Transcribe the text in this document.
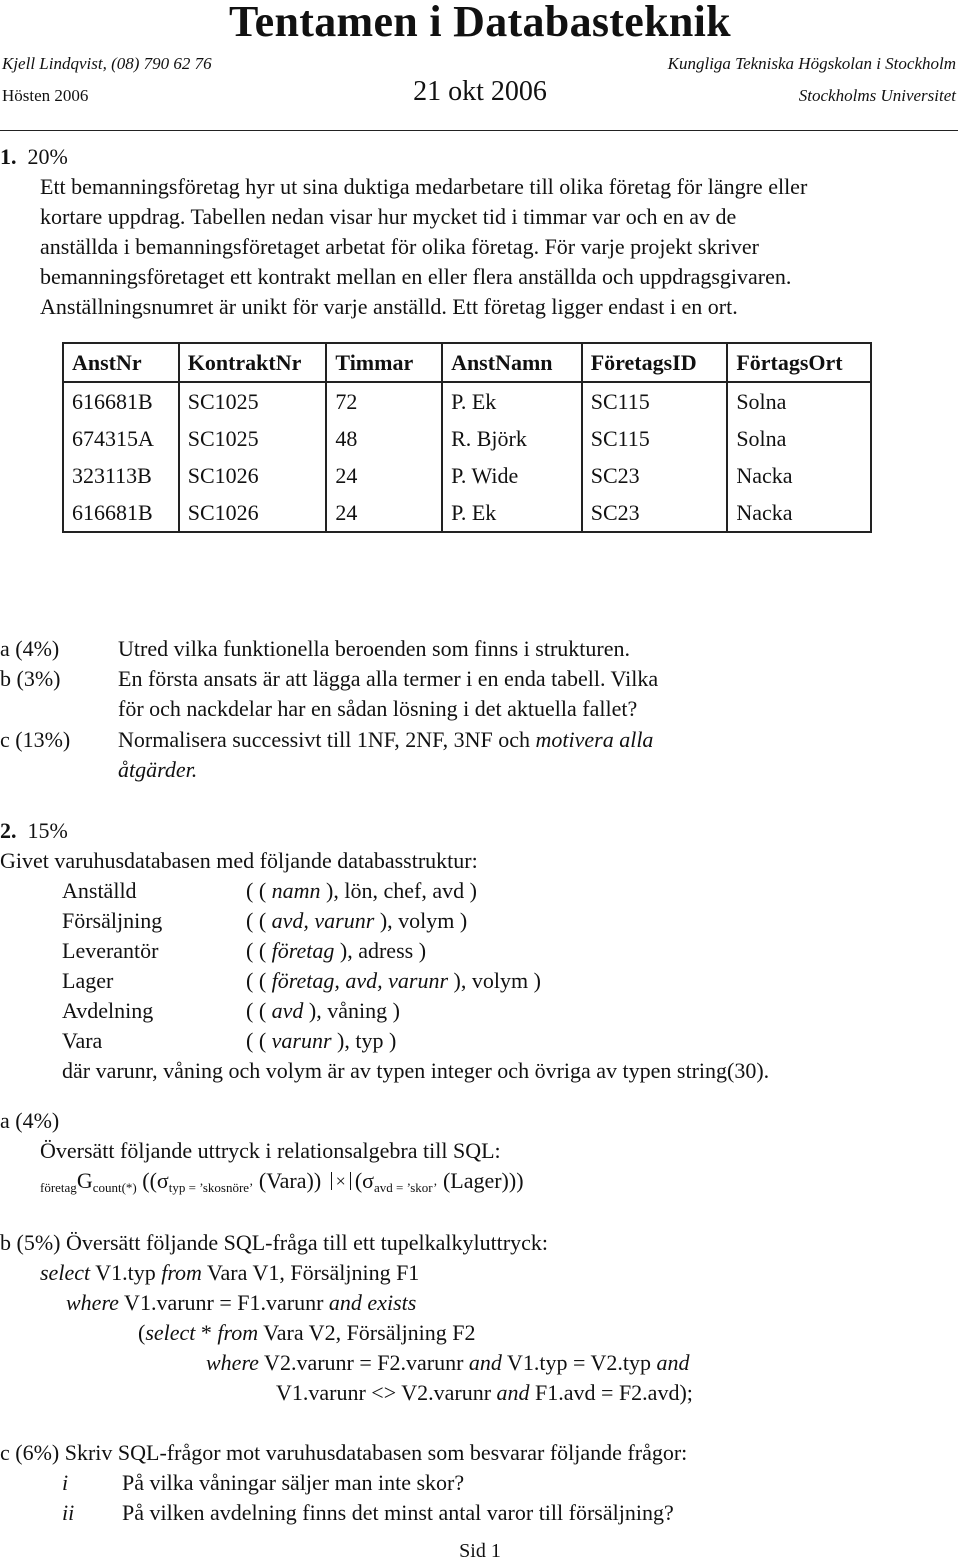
Tentamen i Databasteknik
Kjell Lindqvist, (08) 790 62 76	Kungliga Tekniska Högskolan i Stockholm
Hösten 2006	21 okt 2006	Stockholms Universitet
1. 20%
Ett bemanningsföretag hyr ut sina duktiga medarbetare till olika företag för längre eller
kortare uppdrag. Tabellen nedan visar hur mycket tid i timmar var och en av de
anställda i bemanningsföretaget arbetat för olika företag. För varje projekt skriver
bemanningsföretaget ett kontrakt mellan en eller flera anställda och uppdragsgivaren.
Anställningsnumret är unikt för varje anställd. Ett företag ligger endast i en ort.
AnstNr	KontraktNr	Timmar	AnstNamn	FöretagsID	FörtagsOrt
616681B	SC1025	72	P. Ek	SC115	Solna
674315A	SC1025	48	R. Björk	SC115	Solna
323113B	SC1026	24	P. Wide	SC23	Nacka
616681B	SC1026	24	P. Ek	SC23	Nacka
a (4%)	Utred vilka funktionella beroenden som finns i strukturen.
b (3%)	En första ansats är att lägga alla termer i en enda tabell. Vilka
för och nackdelar har en sådan lösning i det aktuella fallet?
c (13%) Normalisera successivt till 1NF, 2NF, 3NF och motivera alla
åtgärder.
2. 15%
Givet varuhusdatabasen med följande databasstruktur:
Anställd	( ( namn ), lön, chef, avd )
Försäljning	( ( avd, varunr ), volym )
Leverantör	( ( företag ), adress )
Lager	( ( företag, avd, varunr ), volym )
Avdelning	( ( avd ), våning )
Vara	( ( varunr ), typ )
där varunr, våning och volym är av typen integer och övriga av typen string(30).
a (4%)
Översätt följande uttryck i relationsalgebra till SQL:
$_{företag}G_{count(*)}$ (($\sigma_{typ = ’skosnöre’}$ (Vara)) × ($\sigma_{avd = ’skor’}$ (Lager)))
b (5%) Översätt följande SQL-fråga till ett tupelkalkyluttryck:
select V1.typ from Vara V1, Försäljning F1
where V1.varunr = F1.varunr and exists
(select * from Vara V2, Försäljning F2
where V2.varunr = F2.varunr and V1.typ = V2.typ and
V1.varunr <> V2.varunr and F1.avd = F2.avd);
c (6%) Skriv SQL-frågor mot varuhusdatabasen som besvarar följande frågor:
i På vilka våningar säljer man inte skor?
ii På vilken avdelning finns det minst antal varor till försäljning?
Sid 1
